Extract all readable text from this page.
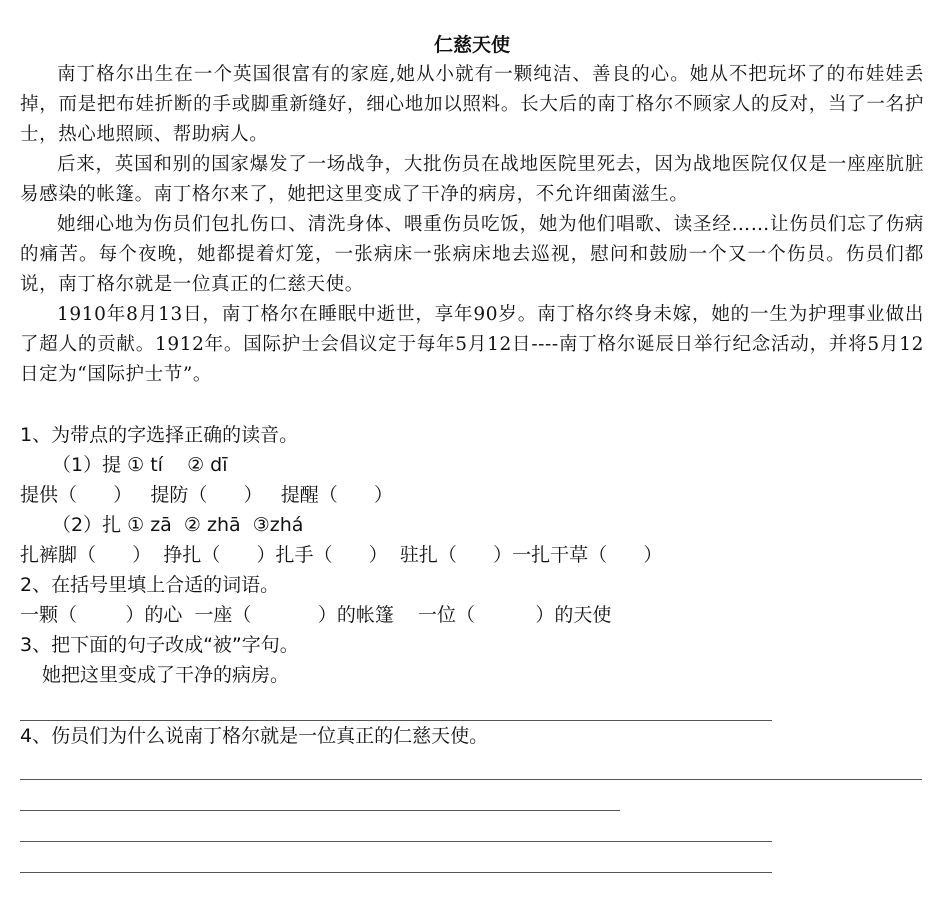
仁慈天使

南丁格尔出生在一个英国很富有的家庭,她从小就有一颗纯洁、善良的心。她从不把玩坏了的布娃娃丢掉，而是把布娃折断的手或脚重新缝好，细心地加以照料。长大后的南丁格尔不顾家人的反对，当了一名护士，热心地照顾、帮助病人。

后来，英国和别的国家爆发了一场战争，大批伤员在战地医院里死去，因为战地医院仅仅是一座座肮脏易感染的帐篷。南丁格尔来了，她把这里变成了干净的病房，不允许细菌滋生。

她细心地为伤员们包扎伤口、清洗身体、喂重伤员吃饭，她为他们唱歌、读圣经……让伤员们忘了伤病的痛苦。每个夜晚，她都提着灯笼，一张病床一张病床地去巡视，慰问和鼓励一个又一个伤员。伤员们都说，南丁格尔就是一位真正的仁慈天使。

1910年8月13日，南丁格尔在睡眠中逝世，享年90岁。南丁格尔终身未嫁，她的一生为护理事业做出了超人的贡献。1912年。国际护士会倡议定于每年5月12日----南丁格尔诞辰日举行纪念活动，并将5月12日定为“国际护士节”。

1、为带点的字选择正确的读音。
（1）提 ① tí    ② dī
提供（      ）   提防（      ）   提醒（      ）
（2）扎 ① zā  ② zhā  ③zhá
扎裤脚（      ）  挣扎（      ）扎手（      ）  驻扎（      ）一扎干草（      ）
2、在括号里填上合适的词语。
一颗（        ）的心  一座（           ）的帐篷    一位（          ）的天使
3、把下面的句子改成“被”字句。
她把这里变成了干净的病房。
4、伤员们为什么说南丁格尔就是一位真正的仁慈天使。
